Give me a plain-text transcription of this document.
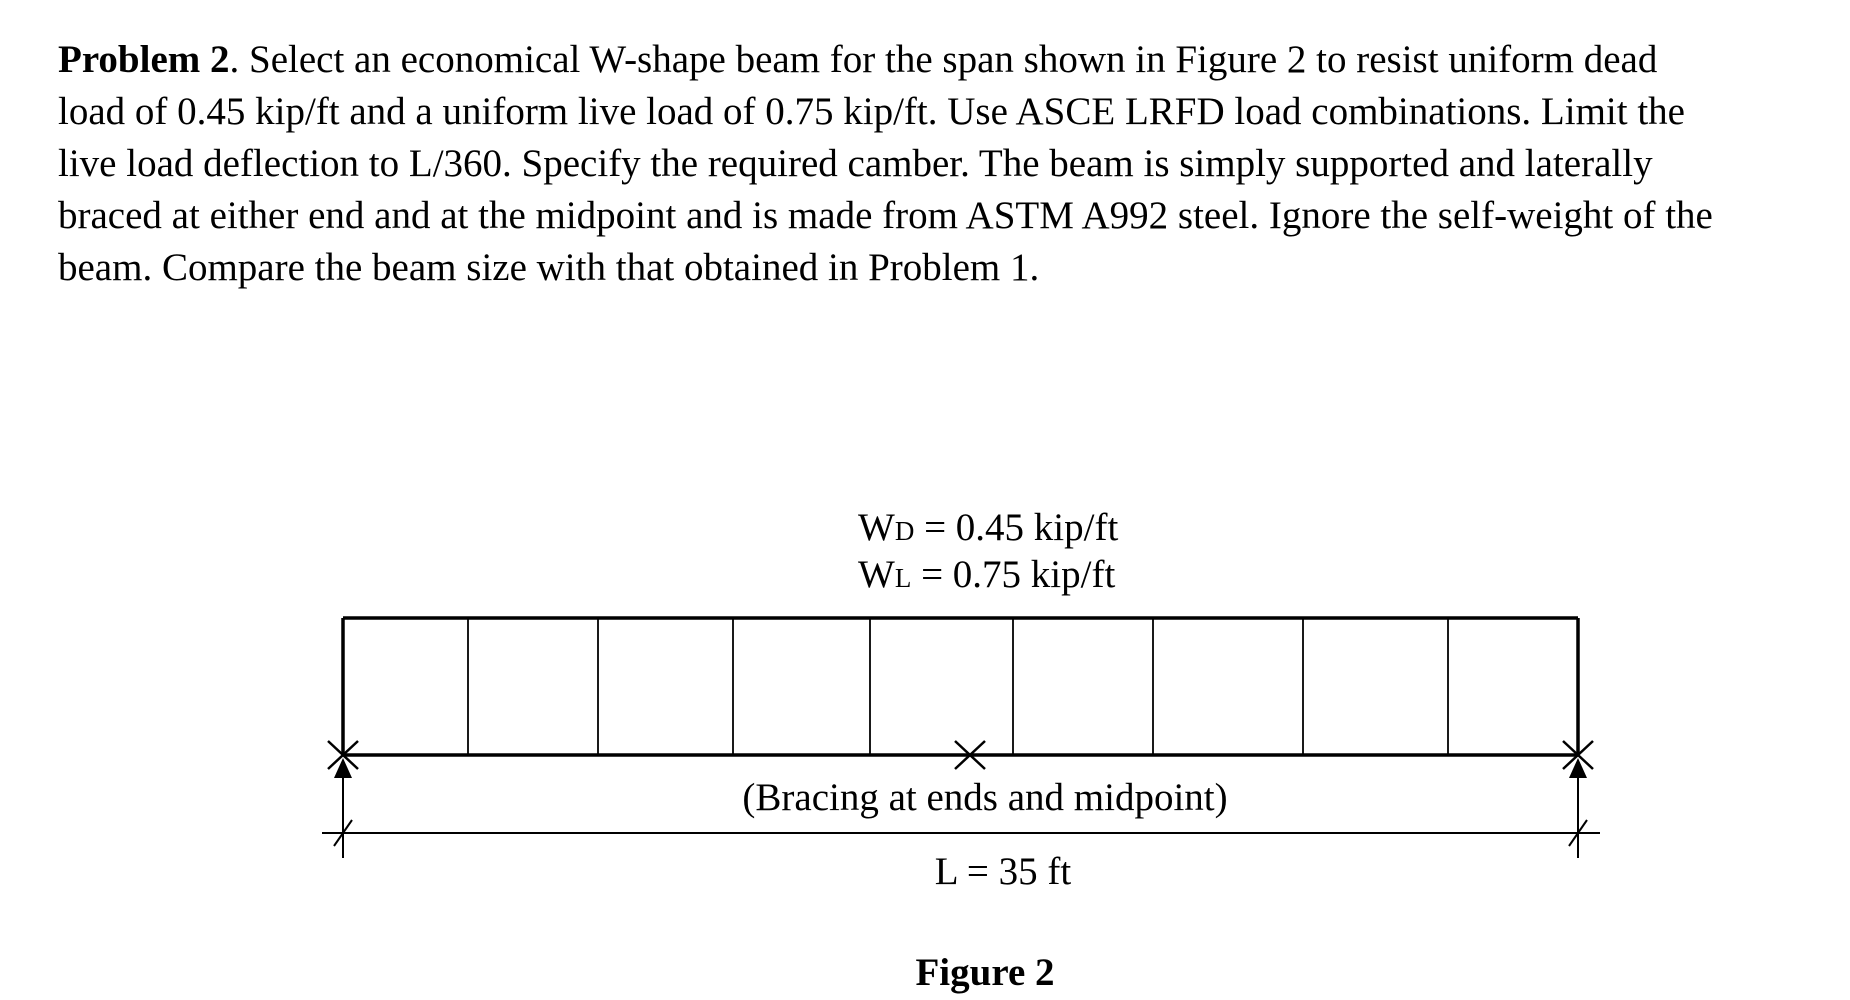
Problem 2. Select an economical W-shape beam for the span shown in Figure 2 to resist uniform dead
load of 0.45 kip/ft and a uniform live load of 0.75 kip/ft. Use ASCE LRFD load combinations. Limit the
live load deflection to L/360. Specify the required camber. The beam is simply supported and laterally
braced at either end and at the midpoint and is made from ASTM A992 steel. Ignore the self-weight of the
beam. Compare the beam size with that obtained in Problem 1.
WD = 0.45 kip/ft
WL = 0.75 kip/ft
(Bracing at ends and midpoint)
L = 35 ft
Figure 2
